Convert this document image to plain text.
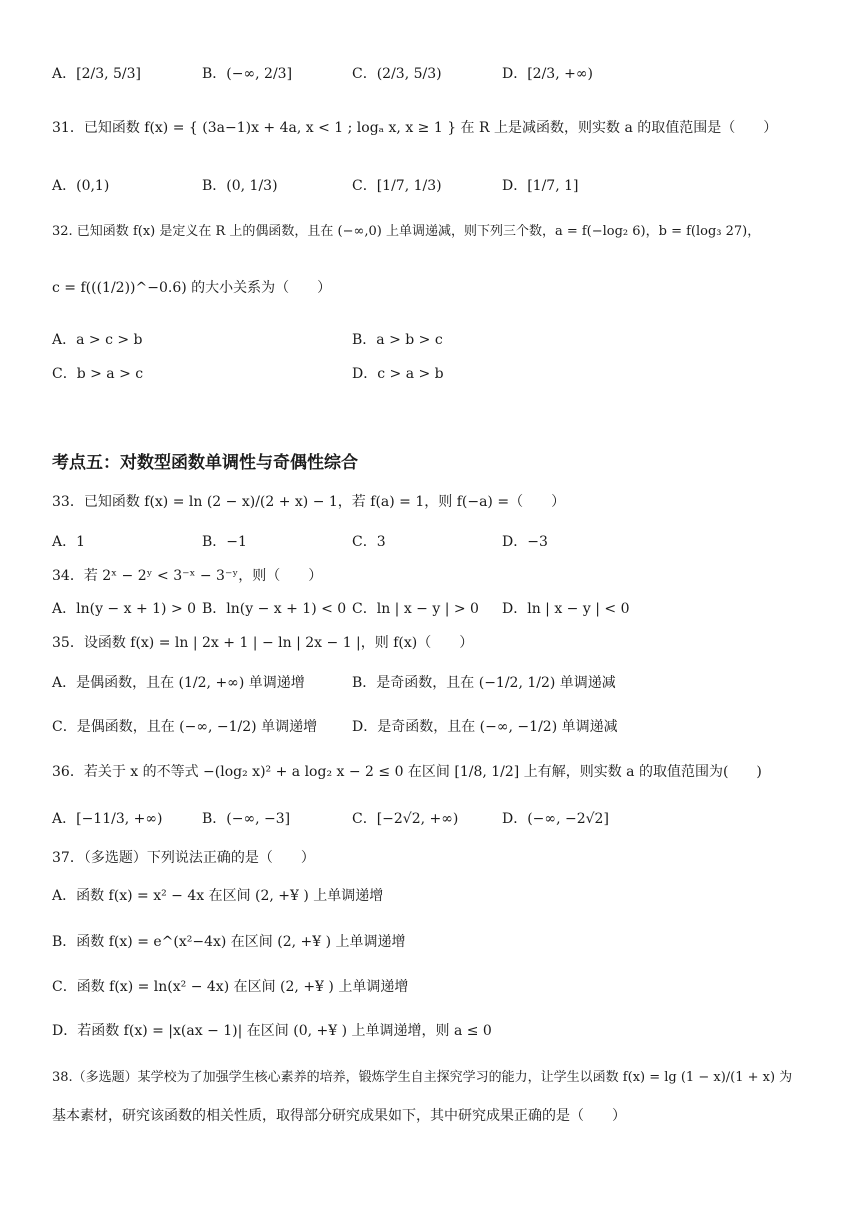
A．[2/3, 5/3]	B．(−∞, 2/3]	C．(2/3, 5/3)	D．[2/3, +∞)
31．已知函数 f(x) = { (3a−1)x + 4a, x < 1 ; logₐ x, x ≥ 1 } 在 R 上是减函数，则实数 a 的取值范围是（　　）
A．(0,1)	B．(0, 1/3)	C．[1/7, 1/3)	D．[1/7, 1]
32. 已知函数 f(x) 是定义在 R 上的偶函数，且在 (−∞,0) 上单调递减，则下列三个数，a = f(−log₂ 6)，b = f(log₃ 27)，
c = f(((1/2))^−0.6) 的大小关系为（　　）
A．a > c > b	B．a > b > c
C．b > a > c	D．c > a > b
考点五：对数型函数单调性与奇偶性综合
33．已知函数 f(x) = ln (2 − x)/(2 + x) − 1，若 f(a) = 1，则 f(−a) =（　　）
A．1	B．−1	C．3	D．−3
34．若 2ˣ − 2ʸ < 3⁻ˣ − 3⁻ʸ，则（　　）
A．ln(y − x + 1) > 0 B．ln(y − x + 1) < 0 C．ln | x − y | > 0 D．ln | x − y | < 0
35．设函数 f(x) = ln | 2x + 1 | − ln | 2x − 1 |，则 f(x)（　　）
A．是偶函数，且在 (1/2, +∞) 单调递增	B．是奇函数，且在 (−1/2, 1/2) 单调递减
C．是偶函数，且在 (−∞, −1/2) 单调递增 D．是奇函数，且在 (−∞, −1/2) 单调递减
36．若关于 x 的不等式 −(log₂ x)² + a log₂ x − 2 ≤ 0 在区间 [1/8, 1/2] 上有解，则实数 a 的取值范围为(　　)
A．[−11/3, +∞)	B．(−∞, −3]	C．[−2√2, +∞)	D．(−∞, −2√2]
37．（多选题）下列说法正确的是（　　）
A．函数 f(x) = x² − 4x 在区间 (2, +¥ ) 上单调递增
B．函数 f(x) = e^(x²−4x) 在区间 (2, +¥ ) 上单调递增
C．函数 f(x) = ln(x² − 4x) 在区间 (2, +¥ ) 上单调递增
D．若函数 f(x) = |x(ax − 1)| 在区间 (0, +¥ ) 上单调递增，则 a ≤ 0
38.（多选题）某学校为了加强学生核心素养的培养，锻炼学生自主探究学习的能力，让学生以函数 f(x) = lg (1 − x)/(1 + x) 为
基本素材，研究该函数的相关性质，取得部分研究成果如下，其中研究成果正确的是（　　）
